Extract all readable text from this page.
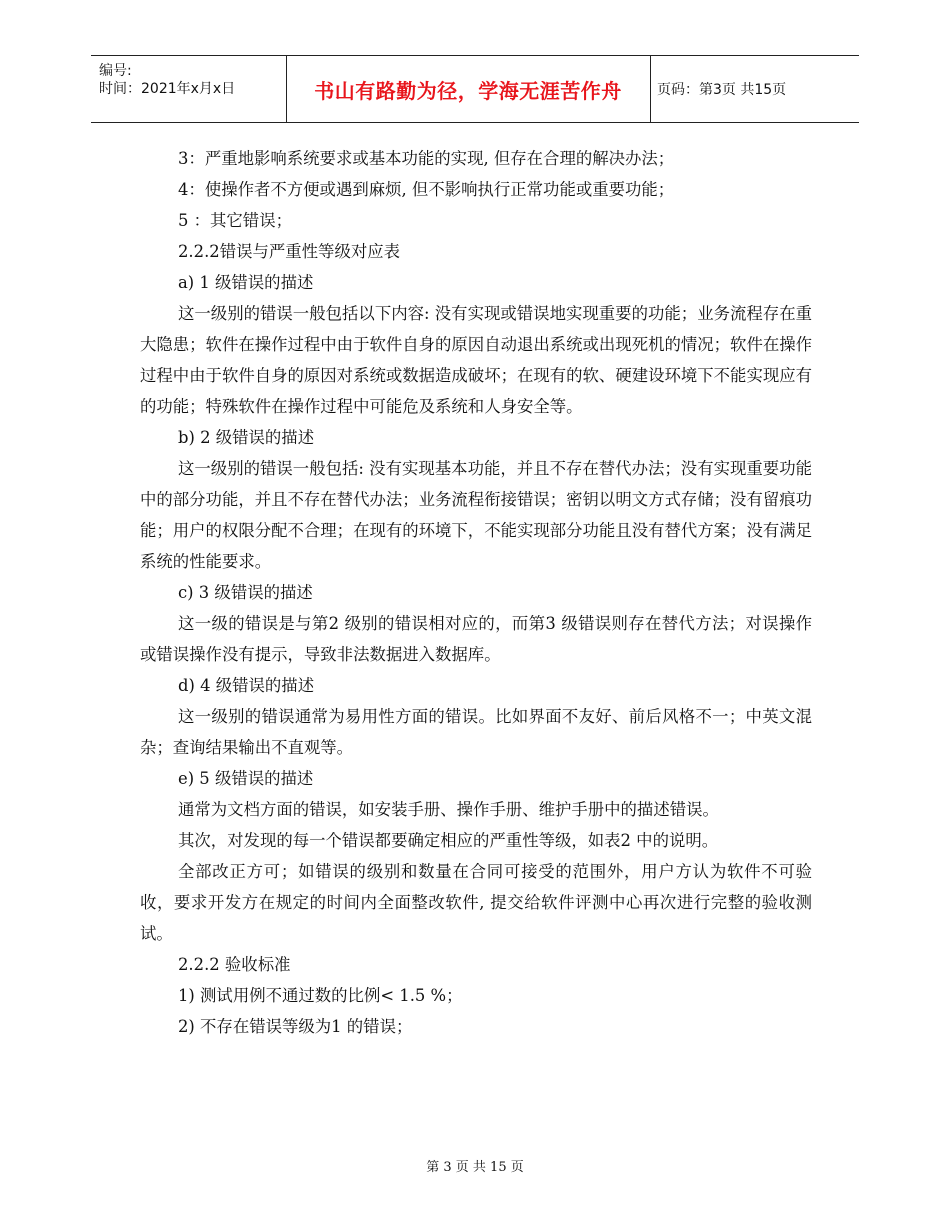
编号:
时间：2021年x月x日	书山有路勤为径，学海无涯苦作舟	页码：第3页 共15页

3：严重地影响系统要求或基本功能的实现, 但存在合理的解决办法；

4：使操作者不方便或遇到麻烦, 但不影响执行正常功能或重要功能；

5 ：其它错误；

2.2.2错误与严重性等级对应表

a) 1 级错误的描述

这一级别的错误一般包括以下内容: 没有实现或错误地实现重要的功能；业务流程存在重大隐患；软件在操作过程中由于软件自身的原因自动退出系统或出现死机的情况；软件在操作过程中由于软件自身的原因对系统或数据造成破坏；在现有的软、硬建设环境下不能实现应有的功能；特殊软件在操作过程中可能危及系统和人身安全等。

b) 2 级错误的描述

这一级别的错误一般包括: 没有实现基本功能，并且不存在替代办法；没有实现重要功能中的部分功能，并且不存在替代办法；业务流程衔接错误；密钥以明文方式存储；没有留痕功能；用户的权限分配不合理；在现有的环境下，不能实现部分功能且没有替代方案；没有满足系统的性能要求。

c) 3 级错误的描述

这一级的错误是与第2 级别的错误相对应的，而第3 级错误则存在替代方法；对误操作或错误操作没有提示，导致非法数据进入数据库。

d) 4 级错误的描述

这一级别的错误通常为易用性方面的错误。比如界面不友好、前后风格不一；中英文混杂；查询结果输出不直观等。

e) 5 级错误的描述

通常为文档方面的错误，如安装手册、操作手册、维护手册中的描述错误。

其次，对发现的每一个错误都要确定相应的严重性等级，如表2 中的说明。

全部改正方可；如错误的级别和数量在合同可接受的范围外，用户方认为软件不可验收，要求开发方在规定的时间内全面整改软件, 提交给软件评测中心再次进行完整的验收测试。

2.2.2 验收标准

1) 测试用例不通过数的比例< 1.5 %；

2) 不存在错误等级为1 的错误；

第 3 页 共 15 页
